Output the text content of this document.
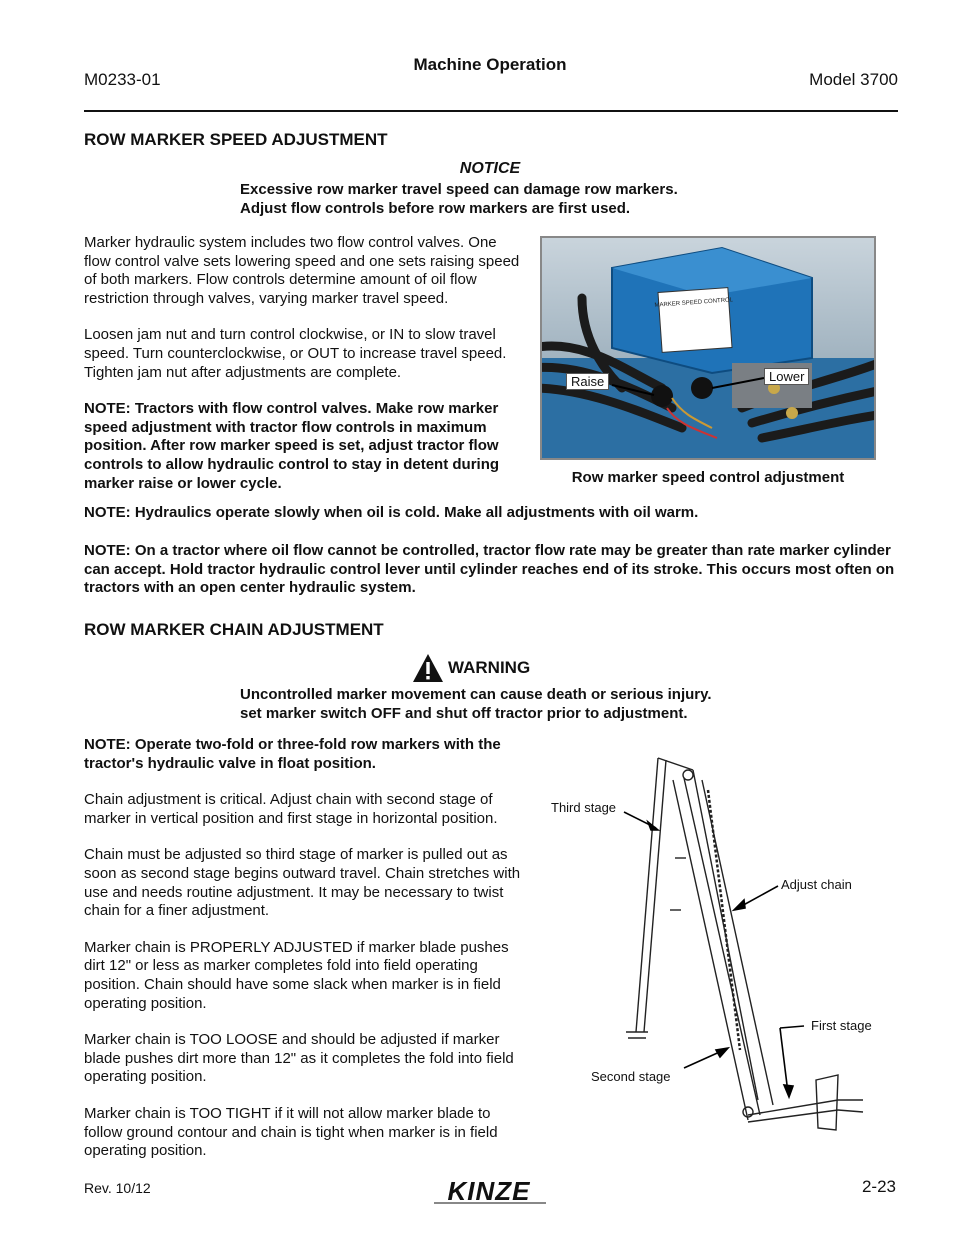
M0233-01
Machine Operation
Model 3700
ROW MARKER SPEED ADJUSTMENT
NOTICE
Excessive row marker travel speed can damage row markers.
Adjust flow controls before row markers are first used.

Marker hydraulic system includes two flow control valves. One flow control valve sets lowering speed and one sets raising speed of both markers. Flow controls determine amount of oil flow restriction through valves, varying marker travel speed.

Loosen jam nut and turn control clockwise, or IN to slow travel speed. Turn counterclockwise, or OUT to increase travel speed. Tighten jam nut after adjustments are complete.

NOTE: Tractors with flow control valves. Make row marker speed adjustment with tractor flow controls in maximum position. After row marker speed is set, adjust tractor flow controls to allow hydraulic control to stay in detent during marker raise or lower cycle.

MARKER SPEED CONTROL
Raise	Lower
Row marker speed control adjustment
NOTE: Hydraulics operate slowly when oil is cold. Make all adjustments with oil warm.
NOTE: On a tractor where oil flow cannot be controlled, tractor flow rate may be greater than rate marker cylinder can accept. Hold tractor hydraulic control lever until cylinder reaches end of its stroke. This occurs most often on tractors with an open center hydraulic system.
ROW MARKER CHAIN ADJUSTMENT
WARNING
Uncontrolled marker movement can cause death or serious injury.
set marker switch OFF and shut off tractor prior to adjustment.

NOTE: Operate two-fold or three-fold row markers with the tractor's hydraulic valve in float position.

Chain adjustment is critical. Adjust chain with second stage of marker in vertical position and first stage in horizontal position.

Chain must be adjusted so third stage of marker is pulled out as soon as second stage begins outward travel. Chain stretches with use and needs routine adjustment. It may be necessary to twist chain for a finer adjustment.

Marker chain is PROPERLY ADJUSTED if marker blade pushes dirt 12" or less as marker completes fold into field operating position. Chain should have some slack when marker is in field operating position.

Marker chain is TOO LOOSE and should be adjusted if marker blade pushes dirt more than 12" as it completes the fold into field operating position.

Marker chain is TOO TIGHT if it will not allow marker blade to follow ground contour and chain is tight when marker is in field operating position.

Third stage
Adjust chain
First stage
Second stage
Rev. 10/12	KINZE	2-23
